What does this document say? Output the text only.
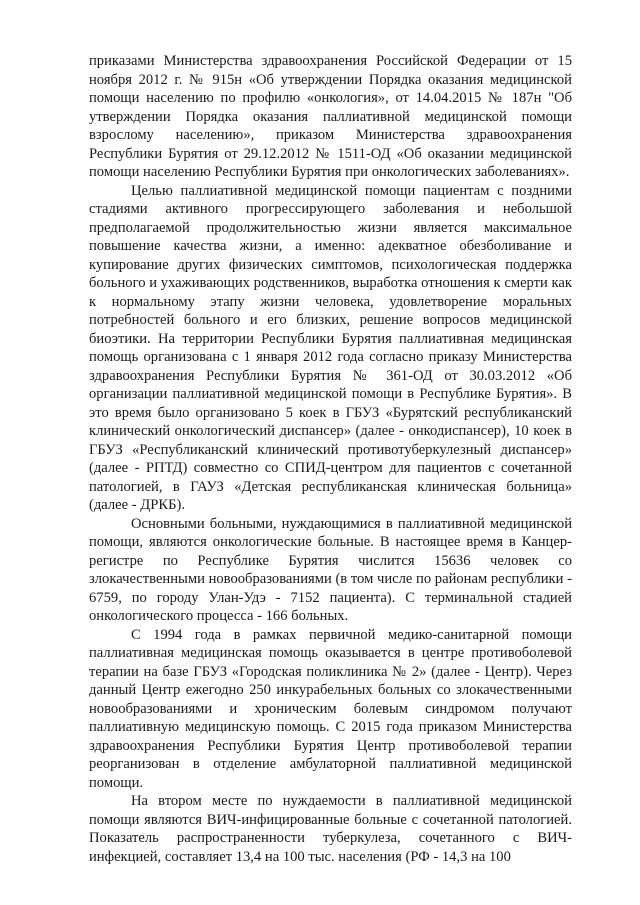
приказами Министерства здравоохранения Российской Федерации от 15 ноября 2012 г. № 915н «Об утверждении Порядка оказания медицинской помощи населению по профилю «онкология», от 14.04.2015 № 187н "Об утверждении Порядка оказания паллиативной медицинской помощи взрослому населению», приказом Министерства здравоохранения Республики Бурятия от 29.12.2012 № 1511-ОД «Об оказании медицинской помощи населению Республики Бурятия при онкологических заболеваниях».

Целью паллиативной медицинской помощи пациентам с поздними стадиями активного прогрессирующего заболевания и небольшой предполагаемой продолжительностью жизни является максимальное повышение качества жизни, а именно: адекватное обезболивание и купирование других физических симптомов, психологическая поддержка больного и ухаживающих родственников, выработка отношения к смерти как к нормальному этапу жизни человека, удовлетворение моральных потребностей больного и его близких, решение вопросов медицинской биоэтики. На территории Республики Бурятия паллиативная медицинская помощь организована с 1 января 2012 года согласно приказу Министерства здравоохранения Республики Бурятия № 361-ОД от 30.03.2012 «Об организации паллиативной медицинской помощи в Республике Бурятия». В это время было организовано 5 коек в ГБУЗ «Бурятский республиканский клинический онкологический диспансер» (далее - онкодиспансер), 10 коек в ГБУЗ «Республиканский клинический противотуберкулезный диспансер» (далее - РПТД) совместно со СПИД-центром для пациентов с сочетанной патологией, в ГАУЗ «Детская республиканская клиническая больница» (далее - ДРКБ).

Основными больными, нуждающимися в паллиативной медицинской помощи, являются онкологические больные. В настоящее время в Канцер-регистре по Республике Бурятия числится 15636 человек со злокачественными новообразованиями (в том числе по районам республики - 6759, по городу Улан-Удэ - 7152 пациента). С терминальной стадией онкологического процесса - 166 больных.

С 1994 года в рамках первичной медико-санитарной помощи паллиативная медицинская помощь оказывается в центре противоболевой терапии на базе ГБУЗ «Городская поликлиника № 2» (далее - Центр). Через данный Центр ежегодно 250 инкурабельных больных со злокачественными новообразованиями и хроническим болевым синдромом получают паллиативную медицинскую помощь. С 2015 года приказом Министерства здравоохранения Республики Бурятия Центр противоболевой терапии реорганизован в отделение амбулаторной паллиативной медицинской помощи.

На втором месте по нуждаемости в паллиативной медицинской помощи являются ВИЧ-инфицированные больные с сочетанной патологией. Показатель распространенности туберкулеза, сочетанного с ВИЧ-инфекцией, составляет 13,4 на 100 тыс. населения (РФ - 14,3 на 100
